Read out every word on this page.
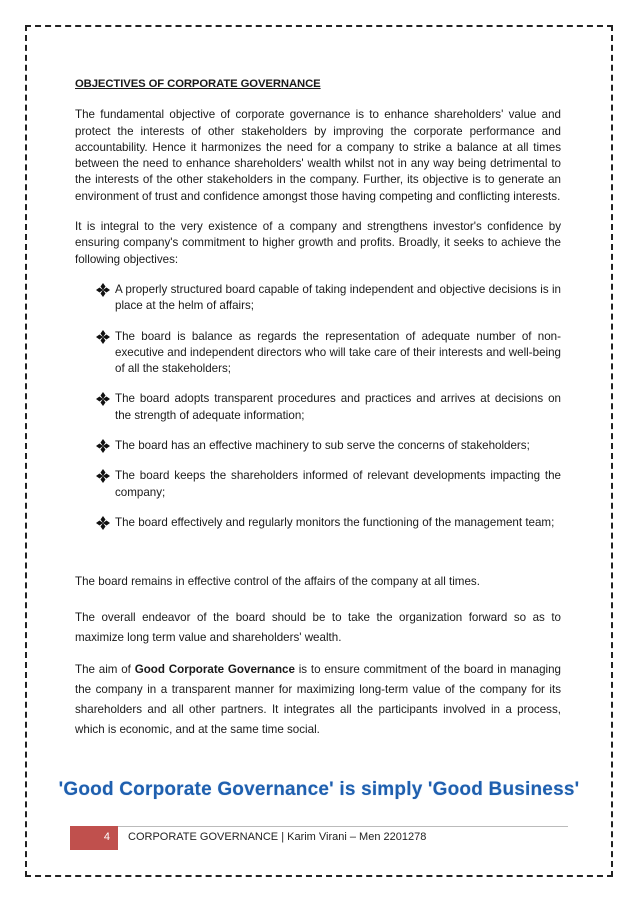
OBJECTIVES OF CORPORATE GOVERNANCE

The fundamental objective of corporate governance is to enhance shareholders' value and protect the interests of other stakeholders by improving the corporate performance and accountability. Hence it harmonizes the need for a company to strike a balance at all times between the need to enhance shareholders' wealth whilst not in any way being detrimental to the interests of the other stakeholders in the company. Further, its objective is to generate an environment of trust and confidence amongst those having competing and conflicting interests.

It is integral to the very existence of a company and strengthens investor's confidence by ensuring company's commitment to higher growth and profits. Broadly, it seeks to achieve the following objectives:

A properly structured board capable of taking independent and objective decisions is in place at the helm of affairs;
The board is balance as regards the representation of adequate number of non-executive and independent directors who will take care of their interests and well-being of all the stakeholders;
The board adopts transparent procedures and practices and arrives at decisions on the strength of adequate information;
The board has an effective machinery to sub serve the concerns of stakeholders;
The board keeps the shareholders informed of relevant developments impacting the company;
The board effectively and regularly monitors the functioning of the management team;

The board remains in effective control of the affairs of the company at all times.

The overall endeavor of the board should be to take the organization forward so as to maximize long term value and shareholders' wealth.

The aim of Good Corporate Governance is to ensure commitment of the board in managing the company in a transparent manner for maximizing long-term value of the company for its shareholders and all other partners. It integrates all the participants involved in a process, which is economic, and at the same time social.

'Good Corporate Governance' is simply 'Good Business'
4	CORPORATE GOVERNANCE | Karim Virani – Men 2201278
